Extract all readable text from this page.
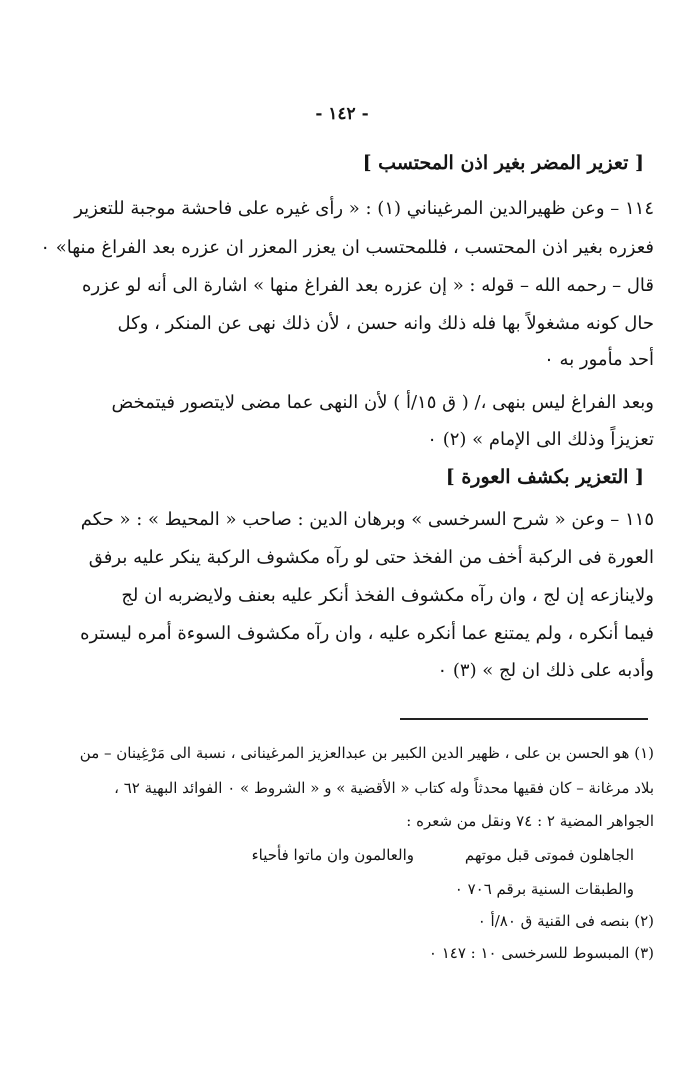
- ١٤٢ -
[ تعزير المضر بغير اذن المحتسب ]
١١٤ – وعن ظهيرالدين المرغيناني (١) : « رأى غيره على فاحشة موجبة للتعزير
فعزره بغير اذن المحتسب ، فللمحتسب ان يعزر المعزر ان عزره بعد الفراغ منها» ٠
قال – رحمه الله – قوله : « إن عزره بعد الفراغ منها » اشارة الى أنه لو عزره
حال كونه مشغولاً بها فله ذلك وانه حسن ، لأن ذلك نهى عن المنكر ، وكل
أحد مأمور به ٠
وبعد الفراغ ليس بنهى ،/ ( ق ١٥/أ ) لأن النهى عما مضى لايتصور فيتمخض
تعزيزاً وذلك الى الإمام » (٢) ٠
[ التعزير بكشف العورة ]
١١٥ – وعن « شرح السرخسى » وبرهان الدين : صاحب « المحيط » : « حكم
العورة فى الركبة أخف من الفخذ حتى لو رآه مكشوف الركبة ينكر عليه برفق
ولاينازعه إن لج ، وان رآه مكشوف الفخذ أنكر عليه بعنف ولايضربه ان لج
فيما أنكره ، ولم يمتنع عما أنكره عليه ، وان رآه مكشوف السوءة أمره ليستره
وأدبه على ذلك ان لج » (٣) ٠
(١) هو الحسن بن على ، ظهير الدين الكبير بن عبدالعزيز المرغينانى ، نسبة الى مَرْغِينان – من
بلاد مرغانة – كان فقيها محدثاً وله كتاب « الأقضية » و « الشروط » ٠ الفوائد البهية ٦٢ ،
الجواهر المضية ٢ : ٧٤ ونقل من شعره :
الجاهلون فموتى قبل موتهم
والعالمون وان ماتوا فأحياء
والطبقات السنية برقم ٧٠٦ ٠
(٢) بنصه فى القنية ق ٨٠/أ ٠
(٣) المبسوط للسرخسى ١٠ : ١٤٧ ٠
